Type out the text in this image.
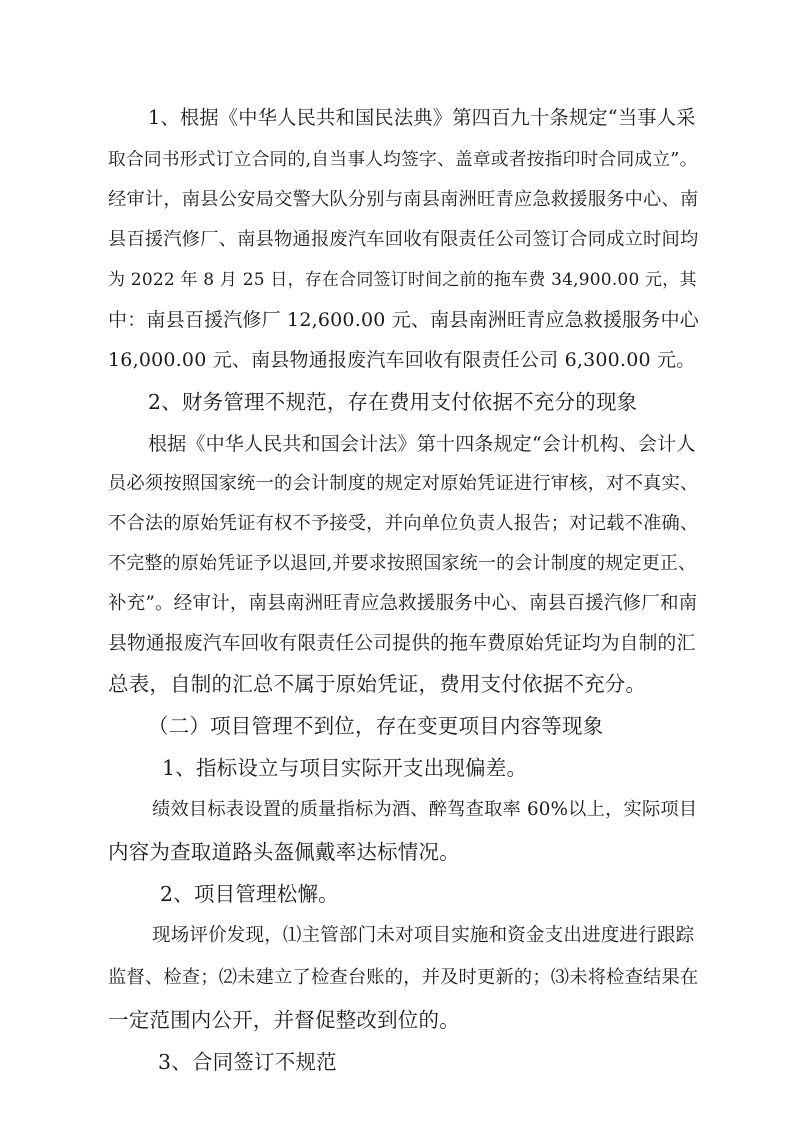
1、根据《中华人民共和国民法典》第四百九十条规定“当事人采
取合同书形式订立合同的,自当事人均签字、盖章或者按指印时合同成立”。
经审计，南县公安局交警大队分别与南县南洲旺青应急救援服务中心、南
县百援汽修厂、南县物通报废汽车回收有限责任公司签订合同成立时间均
为 2022 年 8 月 25 日，存在合同签订时间之前的拖车费 34,900.00 元，其
中：南县百援汽修厂 12,600.00 元、南县南洲旺青应急救援服务中心
16,000.00 元、南县物通报废汽车回收有限责任公司 6,300.00 元。
2、财务管理不规范，存在费用支付依据不充分的现象
根据《中华人民共和国会计法》第十四条规定“会计机构、会计人
员必须按照国家统一的会计制度的规定对原始凭证进行审核，对不真实、
不合法的原始凭证有权不予接受，并向单位负责人报告；对记载不准确、
不完整的原始凭证予以退回,并要求按照国家统一的会计制度的规定更正、
补充”。经审计，南县南洲旺青应急救援服务中心、南县百援汽修厂和南
县物通报废汽车回收有限责任公司提供的拖车费原始凭证均为自制的汇
总表，自制的汇总不属于原始凭证，费用支付依据不充分。
（二）项目管理不到位，存在变更项目内容等现象
1、指标设立与项目实际开支出现偏差。
绩效目标表设置的质量指标为酒、醉驾查取率 60%以上，实际项目
内容为查取道路头盔佩戴率达标情况。
2、项目管理松懈。
现场评价发现，⑴主管部门未对项目实施和资金支出进度进行跟踪
监督、检查；⑵未建立了检查台账的，并及时更新的；⑶未将检查结果在
一定范围内公开，并督促整改到位的。
3、合同签订不规范
